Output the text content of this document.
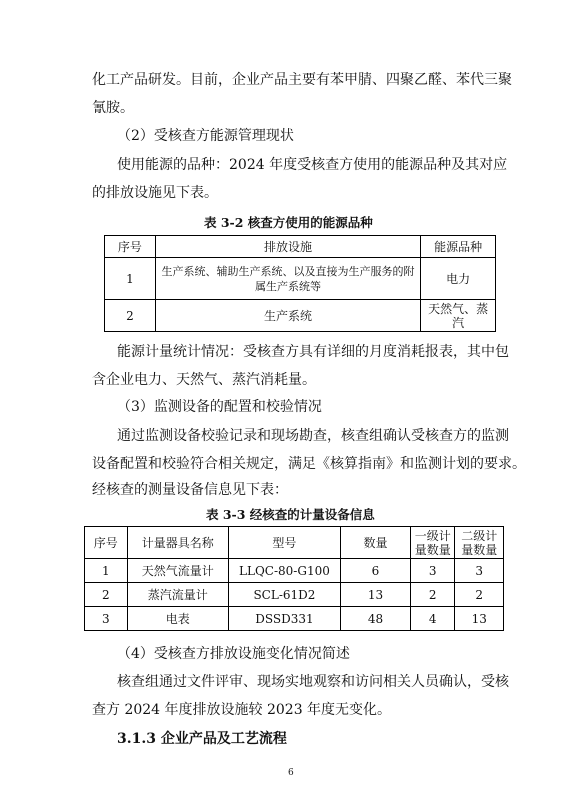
化工产品研发。目前，企业产品主要有苯甲腈、四聚乙醛、苯代三聚
氰胺。
（2）受核查方能源管理现状
使用能源的品种：2024 年度受核查方使用的能源品种及其对应
的排放设施见下表。
表 3-2 核查方使用的能源品种
序号	排放设施	能源品种
1	生产系统、辅助生产系统、以及直接为生产服务的附属生产系统等	电力
2	生产系统	天然气、蒸汽
能源计量统计情况：受核查方具有详细的月度消耗报表，其中包
含企业电力、天然气、蒸汽消耗量。
（3）监测设备的配置和校验情况
通过监测设备校验记录和现场勘查，核查组确认受核查方的监测
设备配置和校验符合相关规定，满足《核算指南》和监测计划的要求。
经核查的测量设备信息见下表：
表 3-3 经核查的计量设备信息
序号	计量器具名称	型号	数量	一级计量数量	二级计量数量
1	天然气流量计	LLQC-80-G100	6	3	3
2	蒸汽流量计	SCL-61D2	13	2	2
3	电表	DSSD331	48	4	13
（4）受核查方排放设施变化情况简述
核查组通过文件评审、现场实地观察和访问相关人员确认，受核
查方 2024 年度排放设施较 2023 年度无变化。
3.1.3 企业产品及工艺流程
6
